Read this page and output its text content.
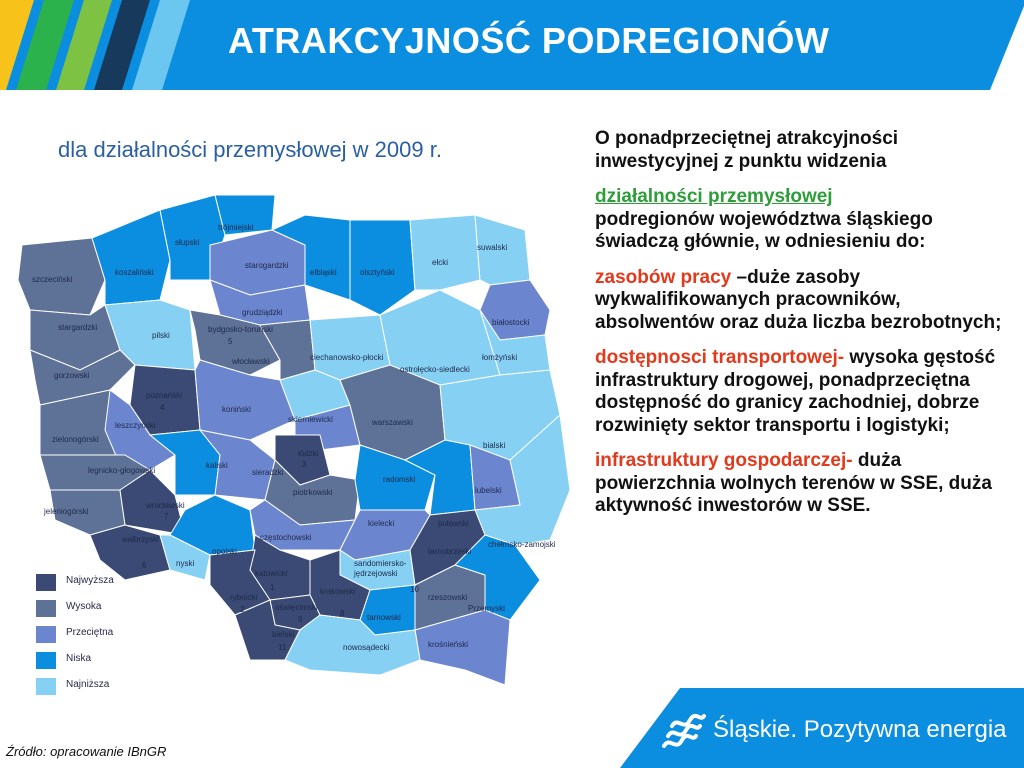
ATRAKCYJNOŚĆ PODREGIONÓW
dla działalności przemysłowej w 2009 r.
trójmiejski
słupski
koszaliński
szczeciński
starogardzki
elbląski	olsztyński
ełcki
suwalski
stargardzki
grudziądzki
bydgosko-toruński
5
pilski
białostocki
włocławski	ciechanowsko-płocki	łomżyński
ostrołęcko-siedlecki
gorzowski
poznański
4	koniński
skierniewicki	warszawski
leszczyński
zielonogórski
bialski
łódzki
3
kaliski
sieradzki
legnicko-głogowski
radomski
lubelski
piotrkowski
wrocławski
7
jeleniogórski
kielecki	puławski
wałbrzyski
6
częstochowski
chełmsko-zamojski
opolski
nyski	sandomiersko-
jędrzejowski
tarnobrzeski
katowicki
1
rybnicki
2
krakowski
8
oświęcimski
9
rzeszowski
10
Przemyski
tarnowski
bielski
11	krośnieński
nowosądecki
Najwyższa
Wysoka
Przeciętna
Niska
Najniższa

O ponadprzeciętnej atrakcyjności inwestycyjnej z punktu widzenia

działalności przemysłowej
podregionów województwa śląskiego świadczą głównie, w odniesieniu do:

zasobów pracy –duże zasoby wykwalifikowanych pracowników, absolwentów oraz duża liczba bezrobotnych;

dostępnosci transportowej- wysoka gęstość infrastruktury drogowej, ponadprzeciętna dostępność do granicy zachodniej, dobrze rozwinięty sektor transportu i logistyki;

infrastruktury gospodarczej- duża powierzchnia wolnych terenów w SSE, duża aktywność inwestorów w SSE.

Źródło: opracowanie IBnGR
Śląskie. Pozytywna energia
